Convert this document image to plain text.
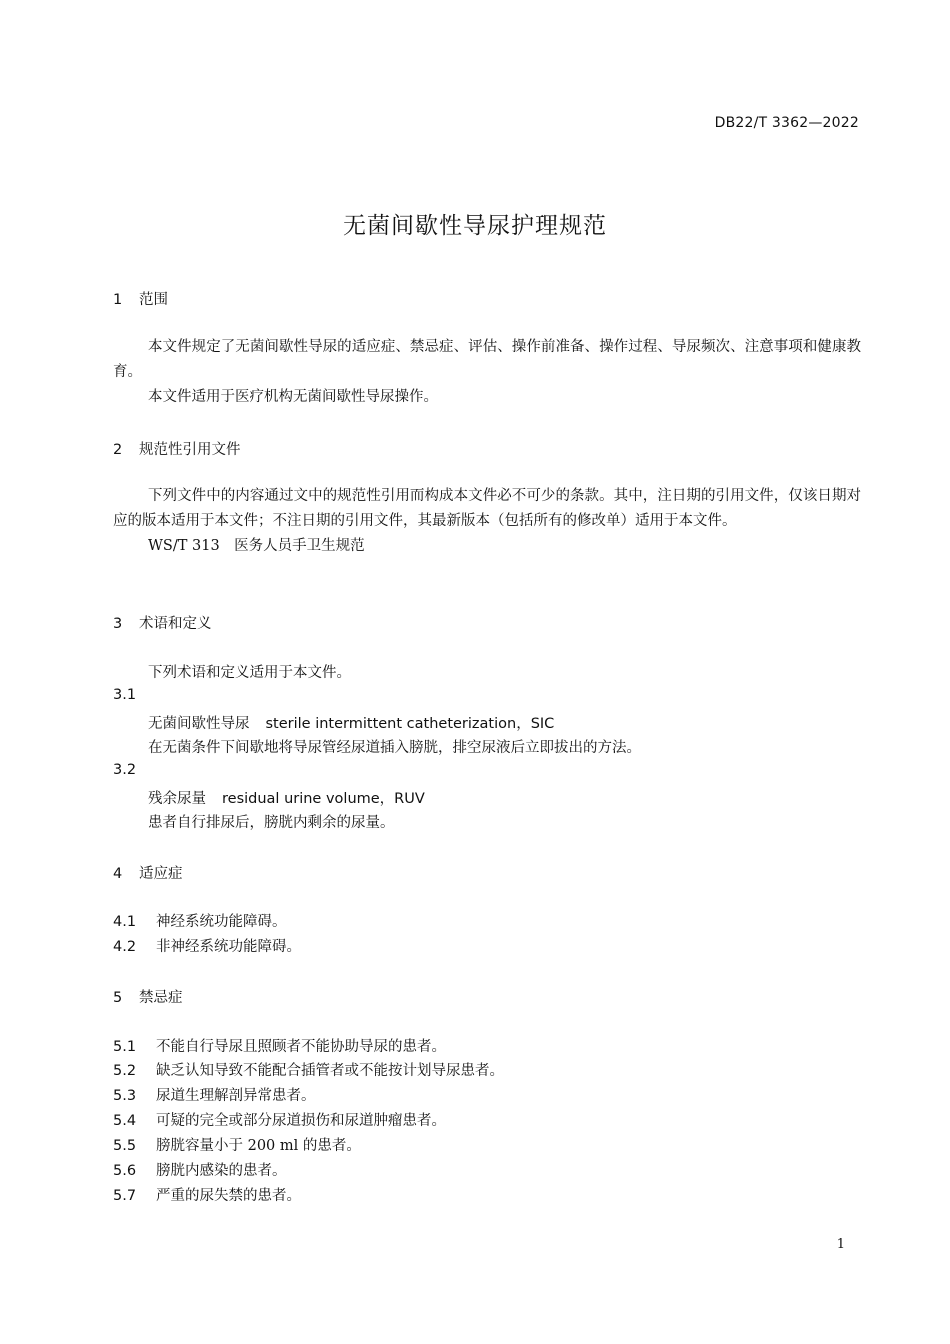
DB22/T 3362—2022
无菌间歇性导尿护理规范
1 范围
本文件规定了无菌间歇性导尿的适应症、禁忌症、评估、操作前准备、操作过程、导尿频次、注意事项和健康教育。
本文件适用于医疗机构无菌间歇性导尿操作。
2 规范性引用文件
下列文件中的内容通过文中的规范性引用而构成本文件必不可少的条款。其中，注日期的引用文件，仅该日期对应的版本适用于本文件；不注日期的引用文件，其最新版本（包括所有的修改单）适用于本文件。
WS/T 313　医务人员手卫生规范
3 术语和定义
下列术语和定义适用于本文件。
3.1
无菌间歇性导尿 sterile intermittent catheterization，SIC
在无菌条件下间歇地将导尿管经尿道插入膀胱，排空尿液后立即拔出的方法。
3.2
残余尿量 residual urine volume，RUV
患者自行排尿后，膀胱内剩余的尿量。
4 适应症
4.1 神经系统功能障碍。
4.2 非神经系统功能障碍。
5 禁忌症
5.1 不能自行导尿且照顾者不能协助导尿的患者。
5.2 缺乏认知导致不能配合插管者或不能按计划导尿患者。
5.3 尿道生理解剖异常患者。
5.4 可疑的完全或部分尿道损伤和尿道肿瘤患者。
5.5 膀胱容量小于 200 ml 的患者。
5.6 膀胱内感染的患者。
5.7 严重的尿失禁的患者。
1
